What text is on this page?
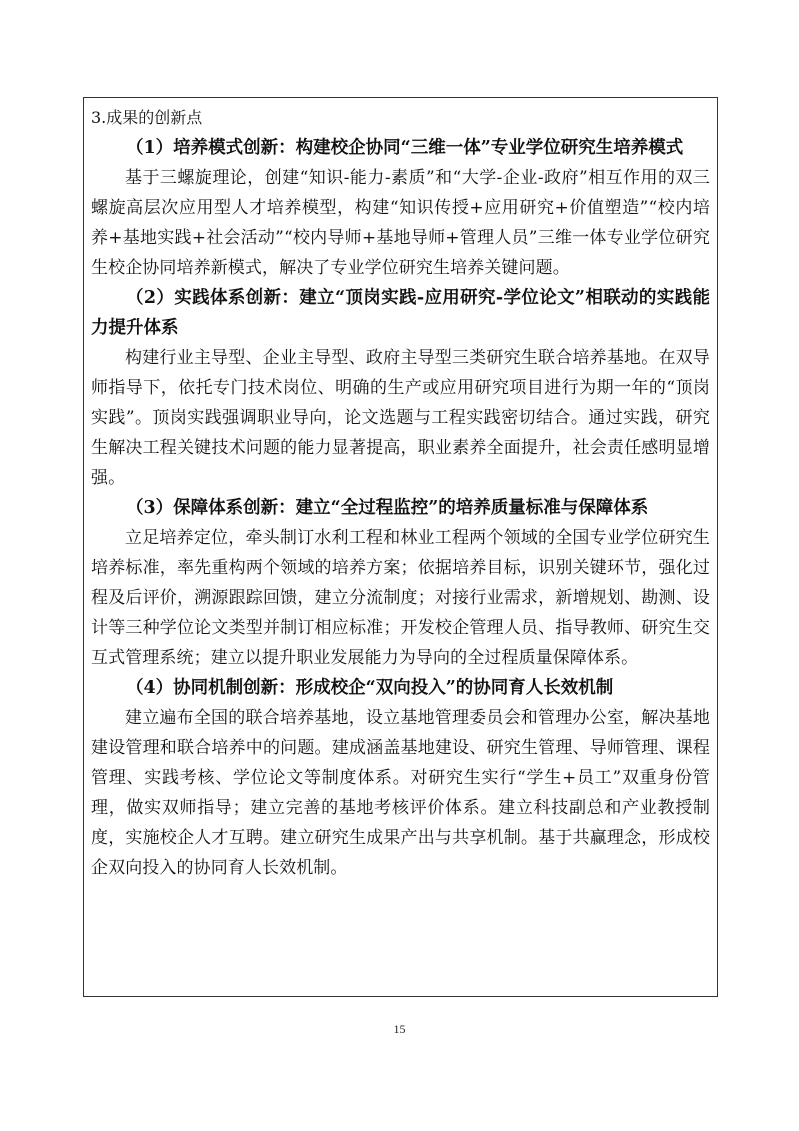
3.成果的创新点

（1）培养模式创新：构建校企协同“三维一体”专业学位研究生培养模式

基于三螺旋理论，创建“知识-能力-素质”和“大学-企业-政府”相互作用的双三螺旋高层次应用型人才培养模型，构建“知识传授+应用研究+价值塑造”“校内培养+基地实践+社会活动”“校内导师+基地导师+管理人员”三维一体专业学位研究生校企协同培养新模式，解决了专业学位研究生培养关键问题。

（2）实践体系创新：建立“顶岗实践-应用研究-学位论文”相联动的实践能力提升体系

构建行业主导型、企业主导型、政府主导型三类研究生联合培养基地。在双导师指导下，依托专门技术岗位、明确的生产或应用研究项目进行为期一年的“顶岗实践”。顶岗实践强调职业导向，论文选题与工程实践密切结合。通过实践，研究生解决工程关键技术问题的能力显著提高，职业素养全面提升，社会责任感明显增强。

（3）保障体系创新：建立“全过程监控”的培养质量标准与保障体系

立足培养定位，牵头制订水利工程和林业工程两个领域的全国专业学位研究生培养标准，率先重构两个领域的培养方案；依据培养目标，识别关键环节，强化过程及后评价，溯源跟踪回馈，建立分流制度；对接行业需求，新增规划、勘测、设计等三种学位论文类型并制订相应标准；开发校企管理人员、指导教师、研究生交互式管理系统；建立以提升职业发展能力为导向的全过程质量保障体系。

（4）协同机制创新：形成校企“双向投入”的协同育人长效机制

建立遍布全国的联合培养基地，设立基地管理委员会和管理办公室，解决基地建设管理和联合培养中的问题。建成涵盖基地建设、研究生管理、导师管理、课程管理、实践考核、学位论文等制度体系。对研究生实行“学生+员工”双重身份管理，做实双师指导；建立完善的基地考核评价体系。建立科技副总和产业教授制度，实施校企人才互聘。建立研究生成果产出与共享机制。基于共赢理念，形成校企双向投入的协同育人长效机制。

15
